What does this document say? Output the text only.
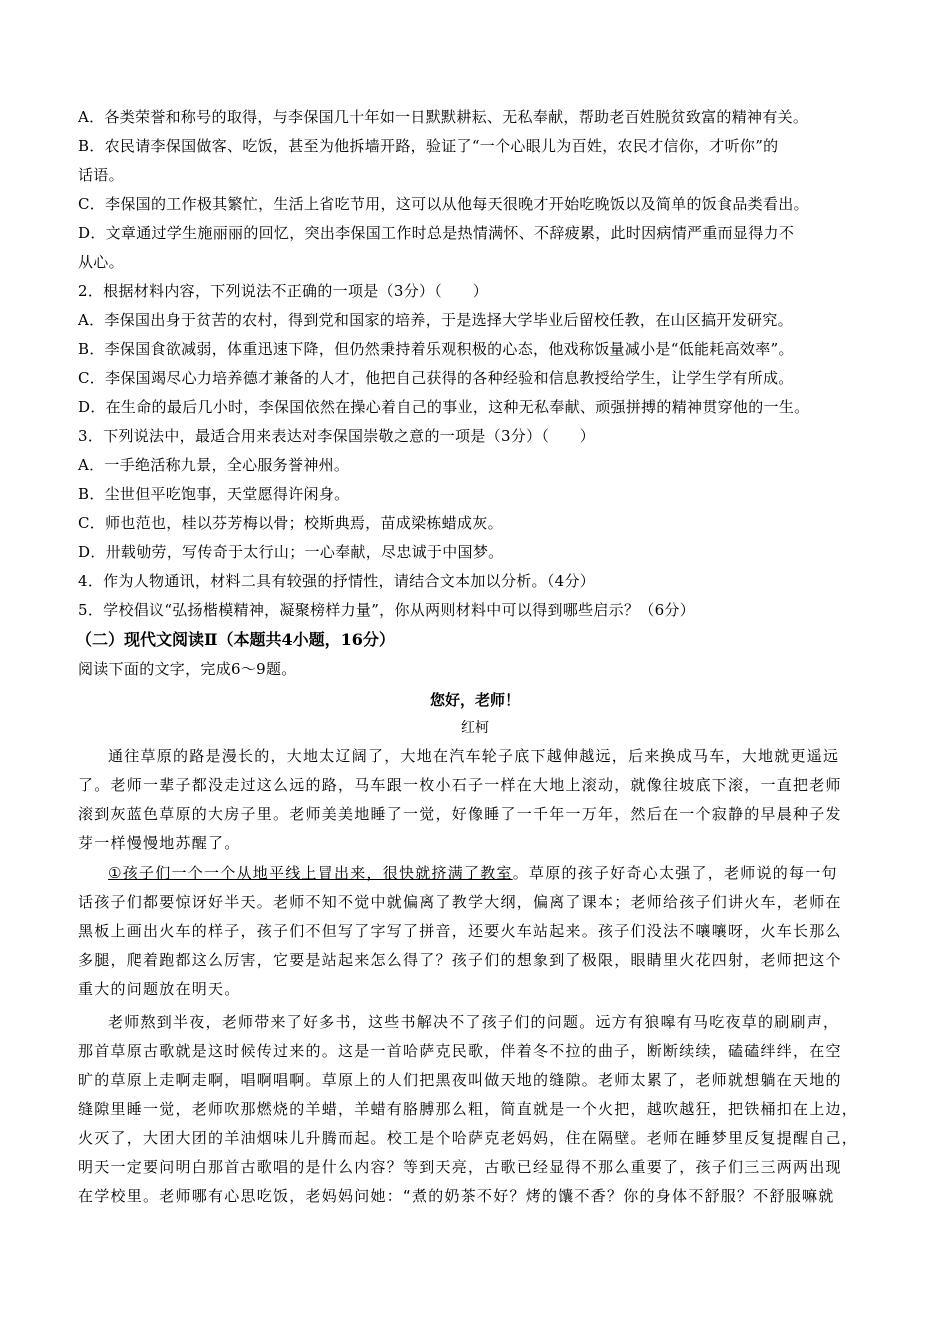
A．各类荣誉和称号的取得，与李保国几十年如一日默默耕耘、无私奉献，帮助老百姓脱贫致富的精神有关。
B．农民请李保国做客、吃饭，甚至为他拆墙开路，验证了“一个心眼儿为百姓，农民才信你，才听你”的
话语。
C．李保国的工作极其繁忙，生活上省吃节用，这可以从他每天很晚才开始吃晚饭以及简单的饭食品类看出。
D．文章通过学生施丽丽的回忆，突出李保国工作时总是热情满怀、不辞疲累，此时因病情严重而显得力不
从心。
2．根据材料内容，下列说法不正确的一项是（3分）（　　）
A．李保国出身于贫苦的农村，得到党和国家的培养，于是选择大学毕业后留校任教，在山区搞开发研究。
B．李保国食欲减弱，体重迅速下降，但仍然秉持着乐观积极的心态，他戏称饭量减小是“低能耗高效率”。
C．李保国竭尽心力培养德才兼备的人才，他把自己获得的各种经验和信息教授给学生，让学生学有所成。
D．在生命的最后几小时，李保国依然在操心着自己的事业，这种无私奉献、顽强拼搏的精神贯穿他的一生。
3．下列说法中，最适合用来表达对李保国崇敬之意的一项是（3分）（　　）
A．一手绝活称九景，全心服务誉神州。
B．尘世但平吃饱事，天堂愿得许闲身。
C．师也范也，桂以芬芳梅以骨；校斯典焉，苗成梁栋蜡成灰。
D．卅载劬劳，写传奇于太行山；一心奉献，尽忠诚于中国梦。
4．作为人物通讯，材料二具有较强的抒情性，请结合文本加以分析。（4分）
5．学校倡议“弘扬楷模精神，凝聚榜样力量”，你从两则材料中可以得到哪些启示？（6分）
（二）现代文阅读Ⅱ（本题共4小题，16分）
阅读下面的文字，完成6～9题。
您好，老师！
红柯
通往草原的路是漫长的，大地太辽阔了，大地在汽车轮子底下越伸越远，后来换成马车，大地就更遥远
了。老师一辈子都没走过这么远的路，马车跟一枚小石子一样在大地上滚动，就像往坡底下滚，一直把老师
滚到灰蓝色草原的大房子里。老师美美地睡了一觉，好像睡了一千年一万年，然后在一个寂静的早晨种子发
芽一样慢慢地苏醒了。
①孩子们一个一个从地平线上冒出来，很快就挤满了教室。草原的孩子好奇心太强了，老师说的每一句
话孩子们都要惊讶好半天。老师不知不觉中就偏离了教学大纲，偏离了课本；老师给孩子们讲火车，老师在
黑板上画出火车的样子，孩子们不但写了字写了拼音，还要火车站起来。孩子们没法不嚷嚷呀，火车长那么
多腿，爬着跑都这么厉害，它要是站起来怎么得了？孩子们的想象到了极限，眼睛里火花四射，老师把这个
重大的问题放在明天。
老师熬到半夜，老师带来了好多书，这些书解决不了孩子们的问题。远方有狼嗥有马吃夜草的刷刷声，
那首草原古歌就是这时候传过来的。这是一首哈萨克民歌，伴着冬不拉的曲子，断断续续，磕磕绊绊，在空
旷的草原上走啊走啊，唱啊唱啊。草原上的人们把黑夜叫做天地的缝隙。老师太累了，老师就想躺在天地的
缝隙里睡一觉，老师吹那燃烧的羊蜡，羊蜡有胳膊那么粗，简直就是一个火把，越吹越狂，把铁桶扣在上边，
火灭了，大团大团的羊油烟味儿升腾而起。校工是个哈萨克老妈妈，住在隔壁。老师在睡梦里反复提醒自己，
明天一定要问明白那首古歌唱的是什么内容？等到天亮，古歌已经显得不那么重要了，孩子们三三两两出现
在学校里。老师哪有心思吃饭，老妈妈问她：“煮的奶茶不好？烤的馕不香？你的身体不舒服？不舒服嘛就
